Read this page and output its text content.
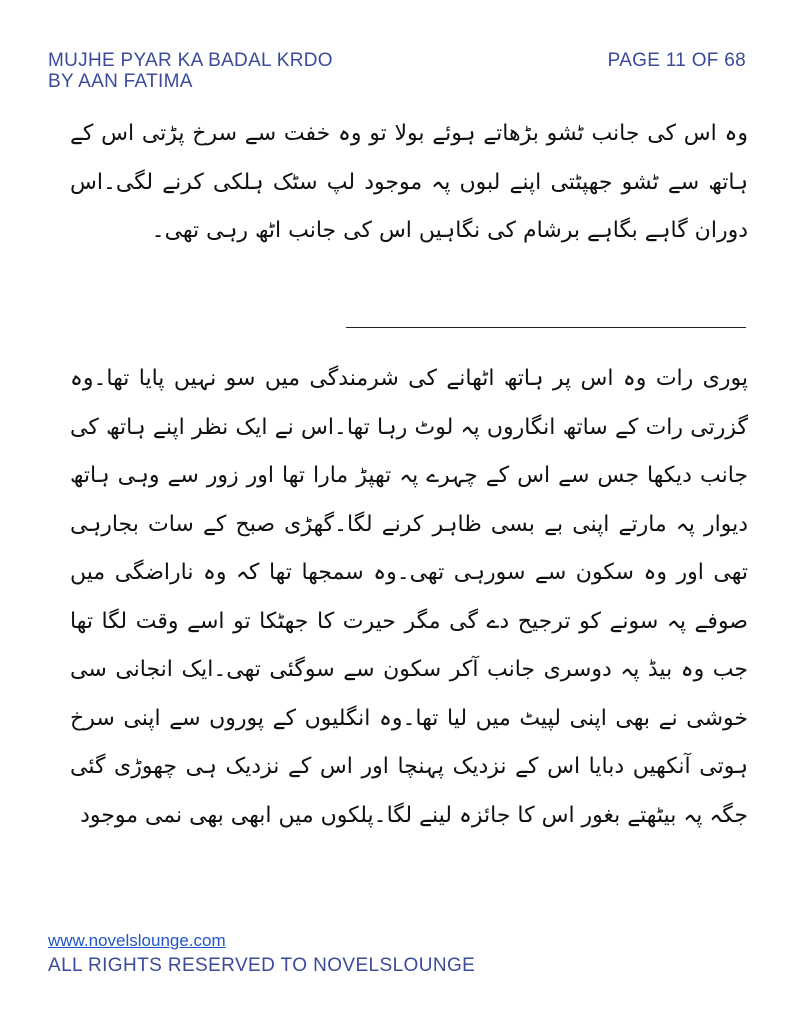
MUJHE PYAR KA BADAL KRDO
BY AAN FATIMA
PAGE 11 OF 68
وہ اس کی جانب ٹشو بڑھاتے ہوئے بولا تو وہ خفت سے سرخ پڑتی اس کے ہاتھ سے ٹشو جھپٹتی اپنے لبوں پہ موجود لپ سٹک ہلکی کرنے لگی۔اس دوران گاہے بگاہے برشام کی نگاہیں اس کی جانب اٹھ رہی تھی۔
پوری رات وہ اس پر ہاتھ اٹھانے کی شرمندگی میں سو نہیں پایا تھا۔وہ گزرتی رات کے ساتھ انگاروں پہ لوٹ رہا تھا۔اس نے ایک نظر اپنے ہاتھ کی جانب دیکھا جس سے اس کے چہرے پہ تھپڑ مارا تھا اور زور سے وہی ہاتھ دیوار پہ مارتے اپنی بے بسی ظاہر کرنے لگا۔گھڑی صبح کے سات بجارہی تھی اور وہ سکون سے سورہی تھی۔وہ سمجھا تھا کہ وہ ناراضگی میں صوفے پہ سونے کو ترجیح دے گی مگر حیرت کا جھٹکا تو اسے وقت لگا تھا جب وہ بیڈ پہ دوسری جانب آکر سکون سے سوگئی تھی۔ایک انجانی سی خوشی نے بھی اپنی لپیٹ میں لیا تھا۔وہ انگلیوں کے پوروں سے اپنی سرخ ہوتی آنکھیں دبایا اس کے نزدیک پہنچا اور اس کے نزدیک ہی چھوڑی گئی جگہ پہ بیٹھتے بغور اس کا جائزہ لینے لگا۔پلکوں میں ابھی بھی نمی موجود
www.novelslounge.com
ALL RIGHTS RESERVED TO NOVELSLOUNGE
